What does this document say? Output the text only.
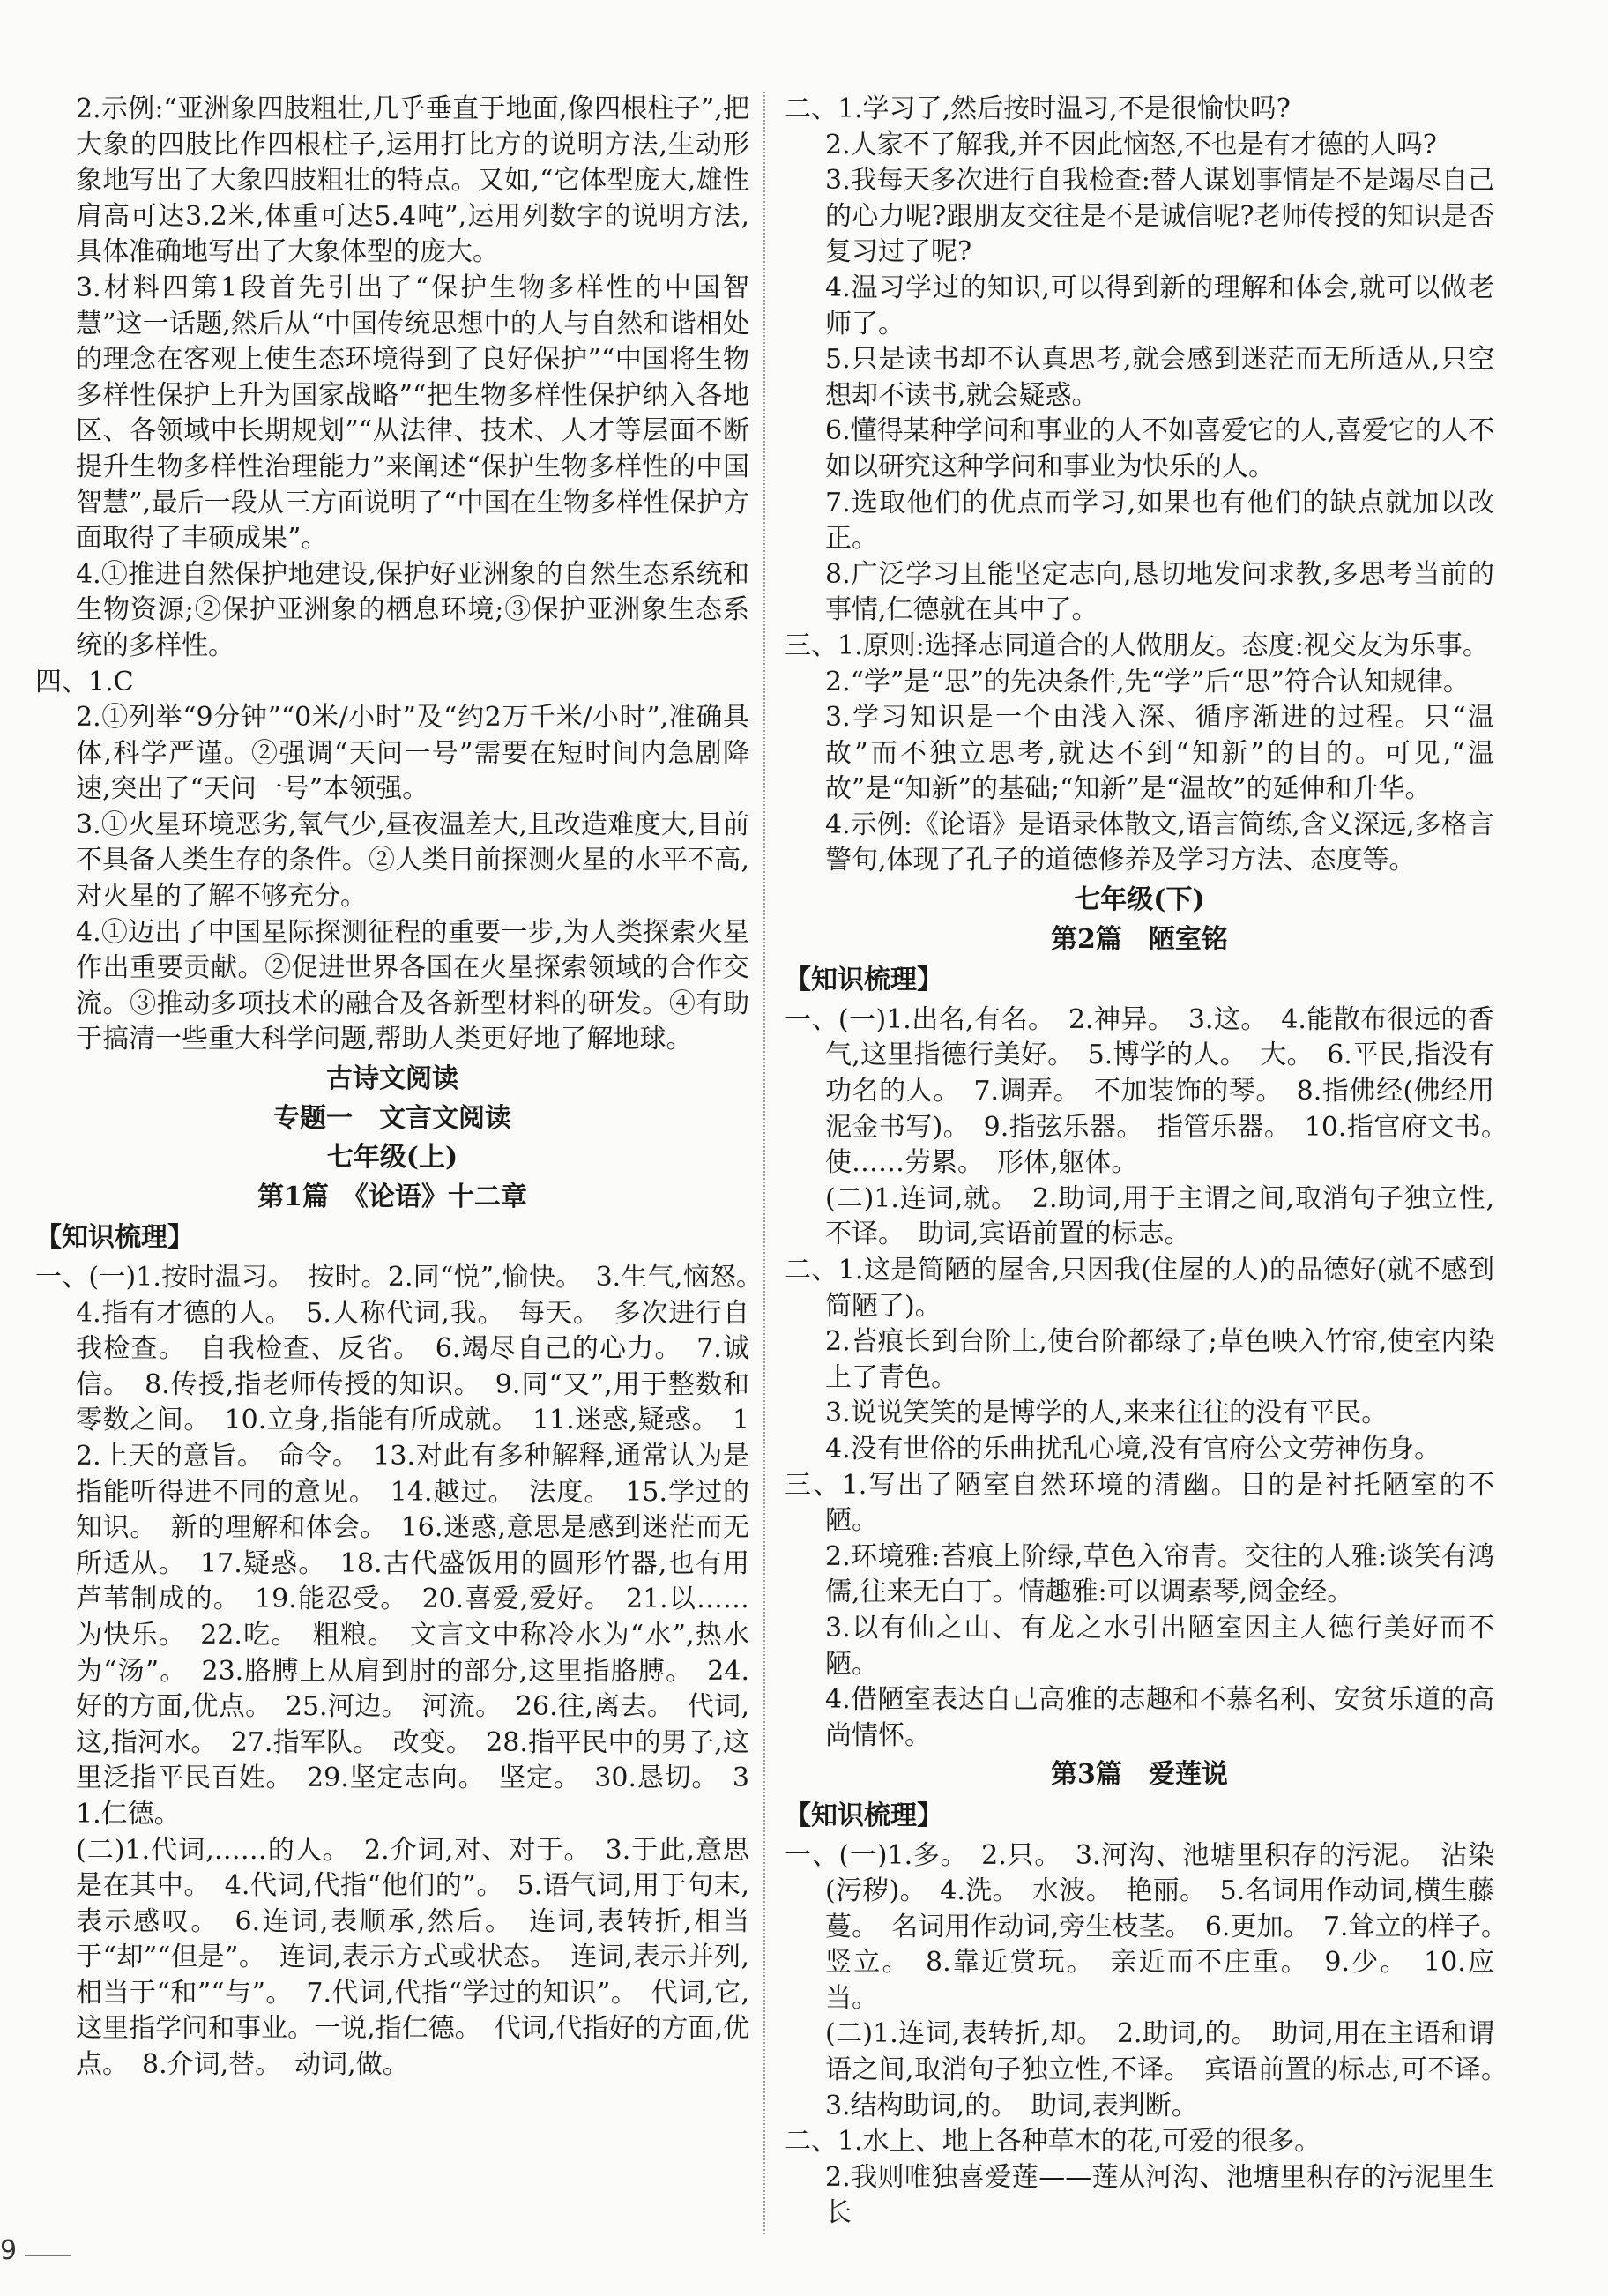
2.示例:“亚洲象四肢粗壮,几乎垂直于地面,像四根柱子”,把大象的四肢比作四根柱子,运用打比方的说明方法,生动形象地写出了大象四肢粗壮的特点。又如,“它体型庞大,雄性肩高可达3.2米,体重可达5.4吨”,运用列数字的说明方法,具体准确地写出了大象体型的庞大。
3.材料四第1段首先引出了“保护生物多样性的中国智慧”这一话题,然后从“中国传统思想中的人与自然和谐相处的理念在客观上使生态环境得到了良好保护”“中国将生物多样性保护上升为国家战略”“把生物多样性保护纳入各地区、各领域中长期规划”“从法律、技术、人才等层面不断提升生物多样性治理能力”来阐述“保护生物多样性的中国智慧”,最后一段从三方面说明了“中国在生物多样性保护方面取得了丰硕成果”。
4.①推进自然保护地建设,保护好亚洲象的自然生态系统和生物资源;②保护亚洲象的栖息环境;③保护亚洲象生态系统的多样性。
四、1.C
2.①列举“9分钟”“0米/小时”及“约2万千米/小时”,准确具体,科学严谨。②强调“天问一号”需要在短时间内急剧降速,突出了“天问一号”本领强。
3.①火星环境恶劣,氧气少,昼夜温差大,且改造难度大,目前不具备人类生存的条件。②人类目前探测火星的水平不高,对火星的了解不够充分。
4.①迈出了中国星际探测征程的重要一步,为人类探索火星作出重要贡献。②促进世界各国在火星探索领域的合作交流。③推动多项技术的融合及各新型材料的研发。④有助于搞清一些重大科学问题,帮助人类更好地了解地球。
古诗文阅读
专题一　文言文阅读
七年级(上)
第1篇　《论语》十二章
【知识梳理】
一、(一)1.按时温习。　按时。2.同“悦”,愉快。　3.生气,恼怒。　4.指有才德的人。　5.人称代词,我。　每天。　多次进行自我检查。　自我检查、反省。　6.竭尽自己的心力。　7.诚信。　8.传授,指老师传授的知识。　9.同“又”,用于整数和零数之间。　10.立身,指能有所成就。　11.迷惑,疑惑。　12.上天的意旨。　命令。　13.对此有多种解释,通常认为是指能听得进不同的意见。　14.越过。　法度。　15.学过的知识。　新的理解和体会。　16.迷惑,意思是感到迷茫而无所适从。　17.疑惑。　18.古代盛饭用的圆形竹器,也有用芦苇制成的。　19.能忍受。　20.喜爱,爱好。　21.以……为快乐。　22.吃。　粗粮。　文言文中称冷水为“水”,热水为“汤”。　23.胳膊上从肩到肘的部分,这里指胳膊。　24.好的方面,优点。　25.河边。　河流。　26.往,离去。　代词,这,指河水。　27.指军队。　改变。　28.指平民中的男子,这里泛指平民百姓。　29.坚定志向。　坚定。　30.恳切。　31.仁德。
(二)1.代词,……的人。　2.介词,对、对于。　3.于此,意思是在其中。　4.代词,代指“他们的”。　5.语气词,用于句末,表示感叹。　6.连词,表顺承,然后。　连词,表转折,相当于“却”“但是”。　连词,表示方式或状态。　连词,表示并列,相当于“和”“与”。　7.代词,代指“学过的知识”。　代词,它,这里指学问和事业。一说,指仁德。　代词,代指好的方面,优点。　8.介词,替。　动词,做。
二、1.学习了,然后按时温习,不是很愉快吗?
2.人家不了解我,并不因此恼怒,不也是有才德的人吗?
3.我每天多次进行自我检查:替人谋划事情是不是竭尽自己的心力呢?跟朋友交往是不是诚信呢?老师传授的知识是否复习过了呢?
4.温习学过的知识,可以得到新的理解和体会,就可以做老师了。
5.只是读书却不认真思考,就会感到迷茫而无所适从,只空想却不读书,就会疑惑。
6.懂得某种学问和事业的人不如喜爱它的人,喜爱它的人不如以研究这种学问和事业为快乐的人。
7.选取他们的优点而学习,如果也有他们的缺点就加以改正。
8.广泛学习且能坚定志向,恳切地发问求教,多思考当前的事情,仁德就在其中了。
三、1.原则:选择志同道合的人做朋友。态度:视交友为乐事。
2.“学”是“思”的先决条件,先“学”后“思”符合认知规律。
3.学习知识是一个由浅入深、循序渐进的过程。只“温故”而不独立思考,就达不到“知新”的目的。可见,“温故”是“知新”的基础;“知新”是“温故”的延伸和升华。
4.示例:《论语》是语录体散文,语言简练,含义深远,多格言警句,体现了孔子的道德修养及学习方法、态度等。
七年级(下)
第2篇　陋室铭
【知识梳理】
一、(一)1.出名,有名。　2.神异。　3.这。　4.能散布很远的香气,这里指德行美好。　5.博学的人。　大。　6.平民,指没有功名的人。　7.调弄。　不加装饰的琴。　8.指佛经(佛经用泥金书写)。　9.指弦乐器。　指管乐器。　10.指官府文书。　使……劳累。　形体,躯体。
(二)1.连词,就。　2.助词,用于主谓之间,取消句子独立性,不译。　助词,宾语前置的标志。
二、1.这是简陋的屋舍,只因我(住屋的人)的品德好(就不感到简陋了)。
2.苔痕长到台阶上,使台阶都绿了;草色映入竹帘,使室内染上了青色。
3.说说笑笑的是博学的人,来来往往的没有平民。
4.没有世俗的乐曲扰乱心境,没有官府公文劳神伤身。
三、1.写出了陋室自然环境的清幽。目的是衬托陋室的不陋。
2.环境雅:苔痕上阶绿,草色入帘青。交往的人雅:谈笑有鸿儒,往来无白丁。情趣雅:可以调素琴,阅金经。
3.以有仙之山、有龙之水引出陋室因主人德行美好而不陋。
4.借陋室表达自己高雅的志趣和不慕名利、安贫乐道的高尚情怀。
第3篇　爱莲说
【知识梳理】
一、(一)1.多。　2.只。　3.河沟、池塘里积存的污泥。　沾染(污秽)。　4.洗。　水波。　艳丽。　5.名词用作动词,横生藤蔓。　名词用作动词,旁生枝茎。　6.更加。　7.耸立的样子。　竖立。　8.靠近赏玩。　亲近而不庄重。　9.少。　10.应当。
(二)1.连词,表转折,却。　2.助词,的。　助词,用在主语和谓语之间,取消句子独立性,不译。　宾语前置的标志,可不译。　3.结构助词,的。　助词,表判断。
二、1.水上、地上各种草木的花,可爱的很多。
2.我则唯独喜爱莲——莲从河沟、池塘里积存的污泥里生长
9
